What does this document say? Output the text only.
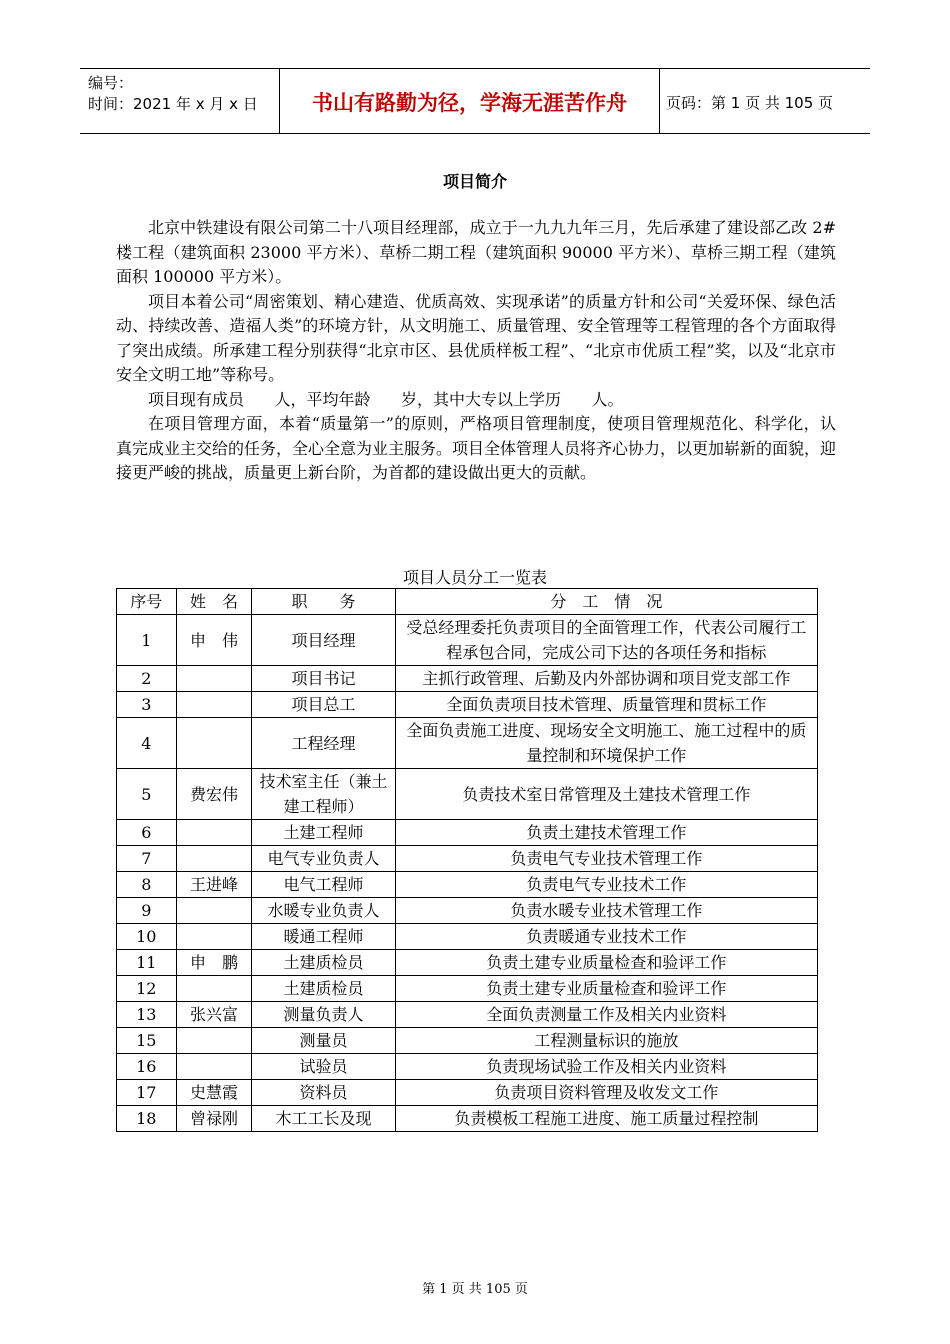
编号：
时间：2021 年 x 月 x 日	书山有路勤为径，学海无涯苦作舟	页码：第 1 页 共 105 页
项目简介

北京中铁建设有限公司第二十八项目经理部，成立于一九九九年三月，先后承建了建设部乙改 2#楼工程（建筑面积 23000 平方米）、草桥二期工程（建筑面积 90000 平方米）、草桥三期工程（建筑面积 100000 平方米）。

项目本着公司“周密策划、精心建造、优质高效、实现承诺”的质量方针和公司“关爱环保、绿色活动、持续改善、造福人类”的环境方针，从文明施工、质量管理、安全管理等工程管理的各个方面取得了突出成绩。所承建工程分别获得“北京市区、县优质样板工程”、“北京市优质工程”奖，以及“北京市安全文明工地”等称号。

项目现有成员      人，平均年龄      岁，其中大专以上学历      人。

在项目管理方面，本着“质量第一”的原则，严格项目管理制度，使项目管理规范化、科学化，认真完成业主交给的任务，全心全意为业主服务。项目全体管理人员将齐心协力，以更加崭新的面貌，迎接更严峻的挑战，质量更上新台阶，为首都的建设做出更大的贡献。

项目人员分工一览表
序号	姓　名	职　　务	分　工　情　况
1	申　伟	项目经理	受总经理委托负责项目的全面管理工作，代表公司履行工程承包合同，完成公司下达的各项任务和指标
2		项目书记	主抓行政管理、后勤及内外部协调和项目党支部工作
3		项目总工	全面负责项目技术管理、质量管理和贯标工作
4		工程经理	全面负责施工进度、现场安全文明施工、施工过程中的质量控制和环境保护工作
5	费宏伟	技术室主任（兼土建工程师）	负责技术室日常管理及土建技术管理工作
6		土建工程师	负责土建技术管理工作
7		电气专业负责人	负责电气专业技术管理工作
8	王进峰	电气工程师	负责电气专业技术工作
9		水暖专业负责人	负责水暖专业技术管理工作
10		暖通工程师	负责暖通专业技术工作
11	申　鹏	土建质检员	负责土建专业质量检查和验评工作
12		土建质检员	负责土建专业质量检查和验评工作
13	张兴富	测量负责人	全面负责测量工作及相关内业资料
15		测量员	工程测量标识的施放
16		试验员	负责现场试验工作及相关内业资料
17	史慧霞	资料员	负责项目资料管理及收发文工作
18	曾禄刚	木工工长及现	负责模板工程施工进度、施工质量过程控制
第 1 页 共 105 页
